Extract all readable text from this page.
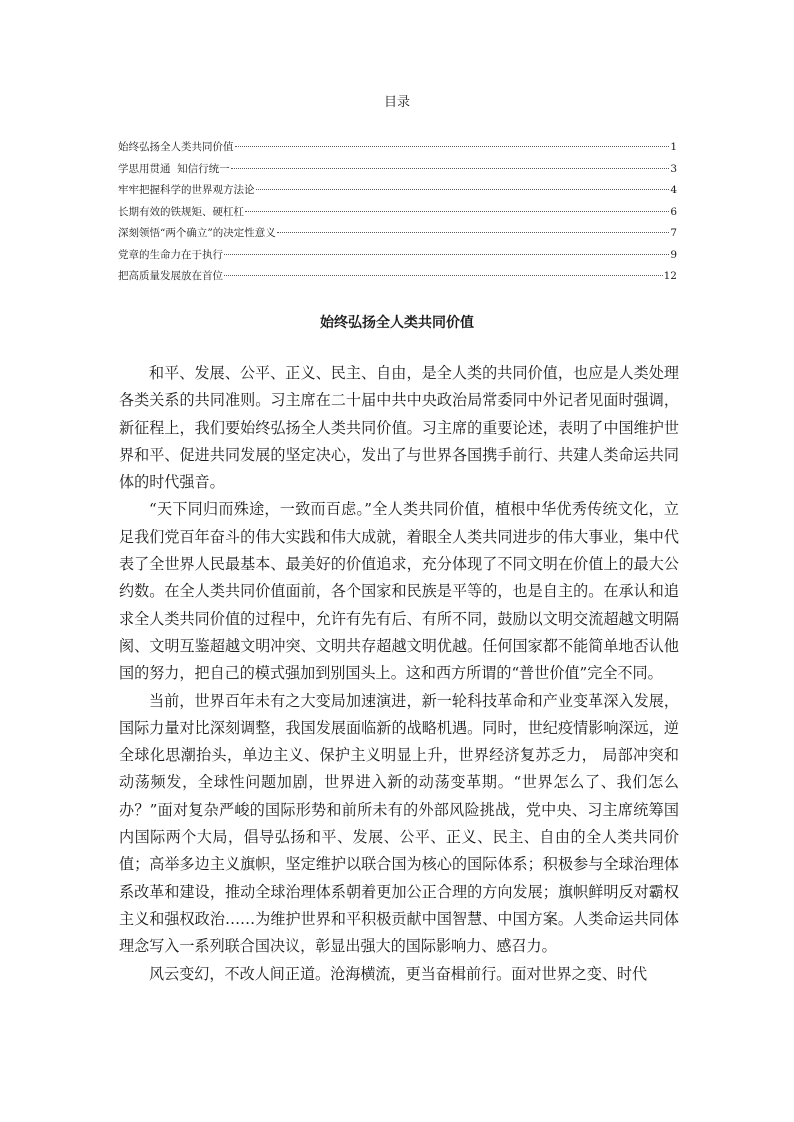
目录
始终弘扬全人类共同价值	1
学思用贯通  知信行统一	3
牢牢把握科学的世界观方法论	4
长期有效的铁规矩、硬杠杠	6
深刻领悟“两个确立”的决定性意义	7
党章的生命力在于执行	9
把高质量发展放在首位	12
始终弘扬全人类共同价值

和平、发展、公平、正义、民主、自由，是全人类的共同价值，也应是人类处理各类关系的共同准则。习主席在二十届中共中央政治局常委同中外记者见面时强调，新征程上，我们要始终弘扬全人类共同价值。习主席的重要论述，表明了中国维护世界和平、促进共同发展的坚定决心，发出了与世界各国携手前行、共建人类命运共同体的时代强音。

“天下同归而殊途，一致而百虑。”全人类共同价值，植根中华优秀传统文化，立足我们党百年奋斗的伟大实践和伟大成就，着眼全人类共同进步的伟大事业，集中代表了全世界人民最基本、最美好的价值追求，充分体现了不同文明在价值上的最大公约数。在全人类共同价值面前，各个国家和民族是平等的，也是自主的。在承认和追求全人类共同价值的过程中，允许有先有后、有所不同，鼓励以文明交流超越文明隔阂、文明互鉴超越文明冲突、文明共存超越文明优越。任何国家都不能简单地否认他国的努力，把自己的模式强加到别国头上。这和西方所谓的“普世价值”完全不同。

当前，世界百年未有之大变局加速演进，新一轮科技革命和产业变革深入发展，国际力量对比深刻调整，我国发展面临新的战略机遇。同时，世纪疫情影响深远，逆全球化思潮抬头，单边主义、保护主义明显上升，世界经济复苏乏力， 局部冲突和动荡频发，全球性问题加剧，世界进入新的动荡变革期。“世界怎么了、我们怎么办？”面对复杂严峻的国际形势和前所未有的外部风险挑战，党中央、习主席统筹国内国际两个大局，倡导弘扬和平、发展、公平、正义、民主、自由的全人类共同价值；高举多边主义旗帜，坚定维护以联合国为核心的国际体系；积极参与全球治理体系改革和建设，推动全球治理体系朝着更加公正合理的方向发展；旗帜鲜明反对霸权主义和强权政治……为维护世界和平积极贡献中国智慧、中国方案。人类命运共同体理念写入一系列联合国决议，彰显出强大的国际影响力、感召力。

风云变幻，不改人间正道。沧海横流，更当奋楫前行。面对世界之变、时代
